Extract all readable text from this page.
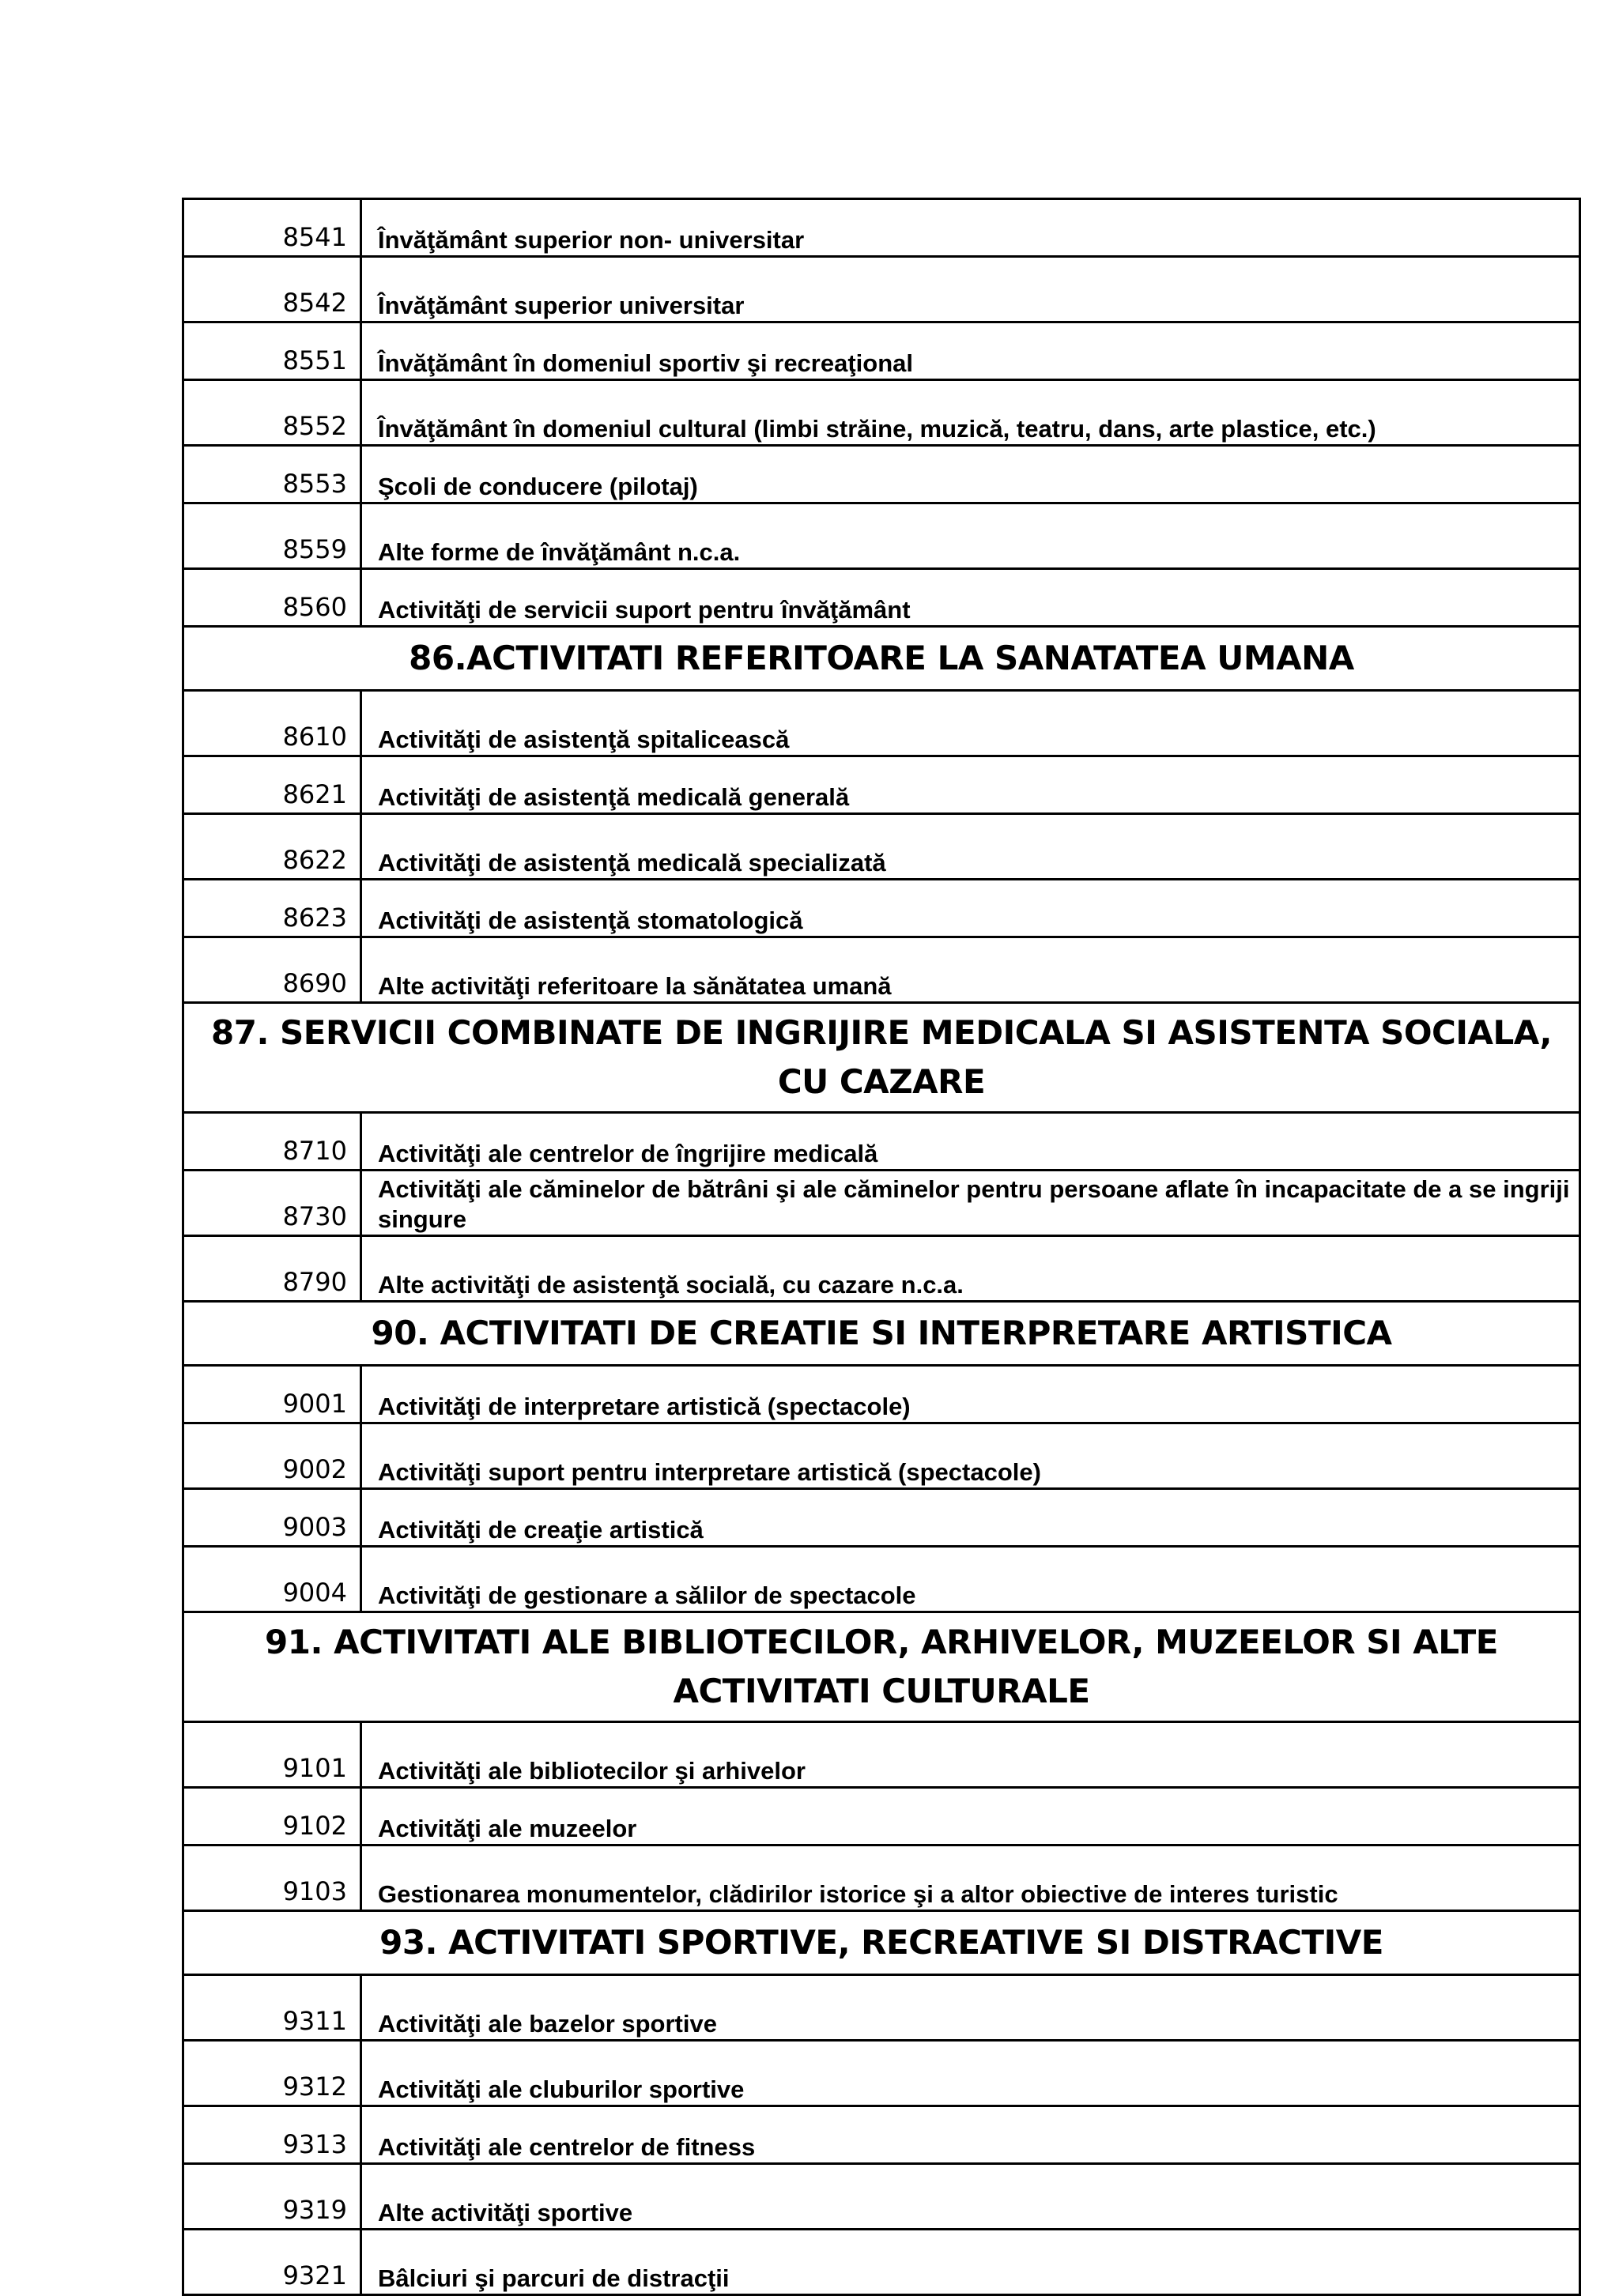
8541	Învăţământ superior non- universitar
8542	Învăţământ superior universitar
8551	Învăţământ în domeniul sportiv şi recreaţional
8552	Învăţământ în domeniul cultural (limbi străine, muzică, teatru, dans, arte plastice, etc.)
8553	Şcoli de conducere (pilotaj)
8559	Alte forme de învăţământ n.c.a.
8560	Activităţi de servicii suport pentru învăţământ
86.ACTIVITATI REFERITOARE LA SANATATEA UMANA	
8610	Activităţi de asistenţă spitalicească
8621	Activităţi de asistenţă medicală generală
8622	Activităţi de asistenţă medicală specializată
8623	Activităţi de asistenţă stomatologică
8690	Alte activităţi referitoare la sănătatea umană
87. SERVICII COMBINATE DE INGRIJIRE MEDICALA SI ASISTENTA SOCIALA, CU CAZARE	
8710	Activităţi ale centrelor de îngrijire medicală
8730	Activităţi ale căminelor de bătrâni şi ale căminelor pentru persoane aflate în incapacitate de a se ingriji singure
8790	Alte activităţi de asistenţă socială, cu cazare n.c.a.
90. ACTIVITATI DE CREATIE SI INTERPRETARE ARTISTICA	
9001	Activităţi de interpretare artistică (spectacole)
9002	Activităţi suport pentru interpretare artistică (spectacole)
9003	Activităţi de creaţie artistică
9004	Activităţi de gestionare a sălilor de spectacole
91. ACTIVITATI ALE BIBLIOTECILOR, ARHIVELOR, MUZEELOR SI ALTE ACTIVITATI CULTURALE	
9101	Activităţi ale bibliotecilor şi arhivelor
9102	Activităţi ale muzeelor
9103	Gestionarea monumentelor, clădirilor istorice şi a altor obiective de interes turistic
93. ACTIVITATI SPORTIVE, RECREATIVE SI DISTRACTIVE	
9311	Activităţi ale bazelor sportive
9312	Activităţi ale cluburilor sportive
9313	Activităţi ale centrelor de fitness
9319	Alte activităţi sportive
9321	Bâlciuri şi parcuri de distracţii
